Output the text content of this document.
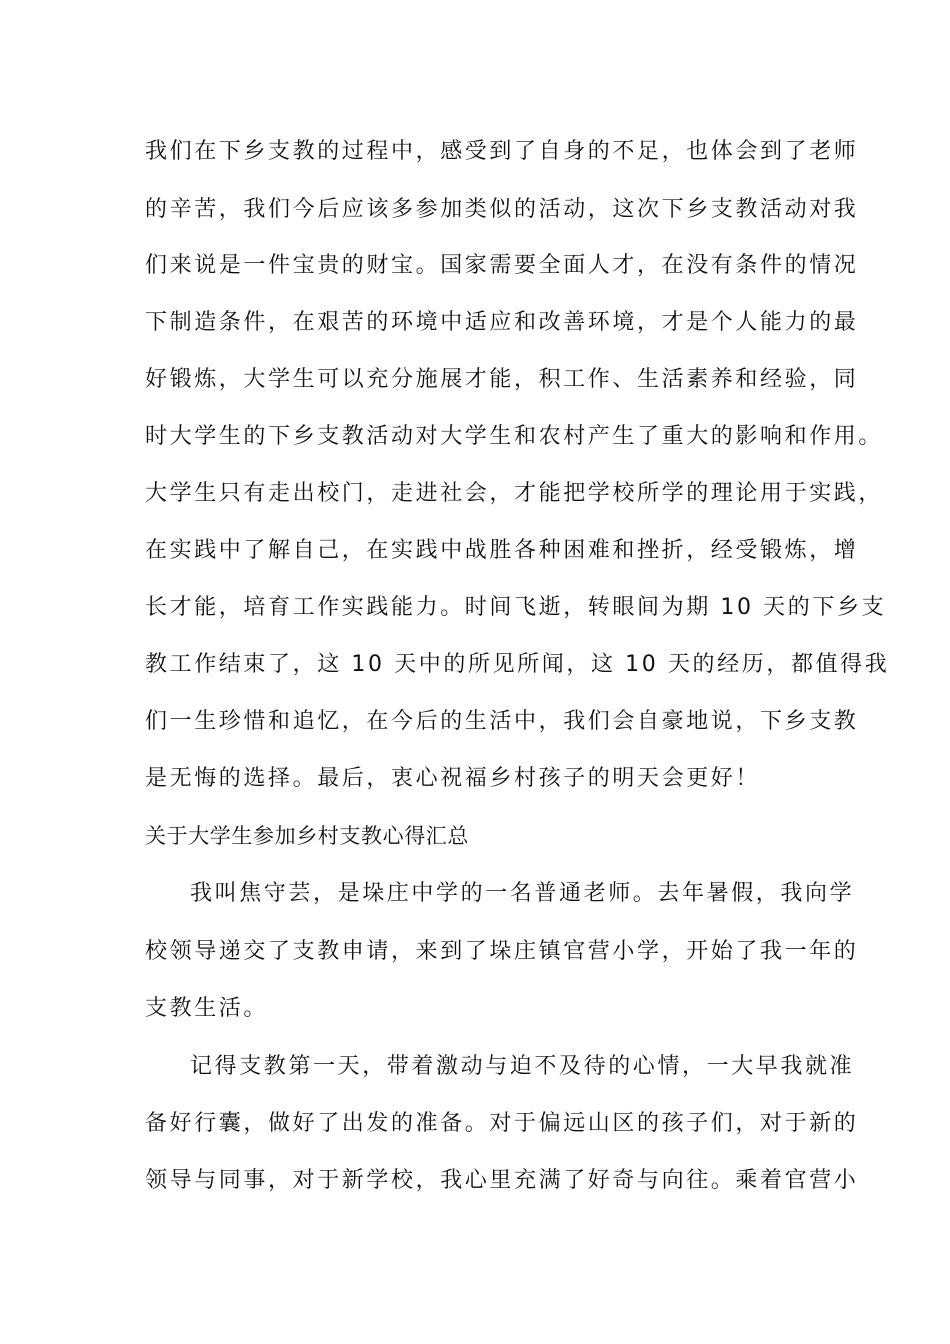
我们在下乡支教的过程中，感受到了自身的不足，也体会到了老师

的辛苦，我们今后应该多参加类似的活动，这次下乡支教活动对我

们来说是一件宝贵的财宝。国家需要全面人才，在没有条件的情况

下制造条件，在艰苦的环境中适应和改善环境，才是个人能力的最

好锻炼，大学生可以充分施展才能，积工作、生活素养和经验，同

时大学生的下乡支教活动对大学生和农村产生了重大的影响和作用。

大学生只有走出校门，走进社会，才能把学校所学的理论用于实践，

在实践中了解自己，在实践中战胜各种困难和挫折，经受锻炼，增

长才能，培育工作实践能力。时间飞逝，转眼间为期 10 天的下乡支

教工作结束了，这 10 天中的所见所闻，这 10 天的经历，都值得我

们一生珍惜和追忆，在今后的生活中，我们会自豪地说，下乡支教

是无悔的选择。最后，衷心祝福乡村孩子的明天会更好！

关于大学生参加乡村支教心得汇总

我叫焦守芸，是垛庄中学的一名普通老师。去年暑假，我向学

校领导递交了支教申请，来到了垛庄镇官营小学，开始了我一年的

支教生活。

记得支教第一天，带着激动与迫不及待的心情，一大早我就准

备好行囊，做好了出发的准备。对于偏远山区的孩子们，对于新的

领导与同事，对于新学校，我心里充满了好奇与向往。乘着官营小
